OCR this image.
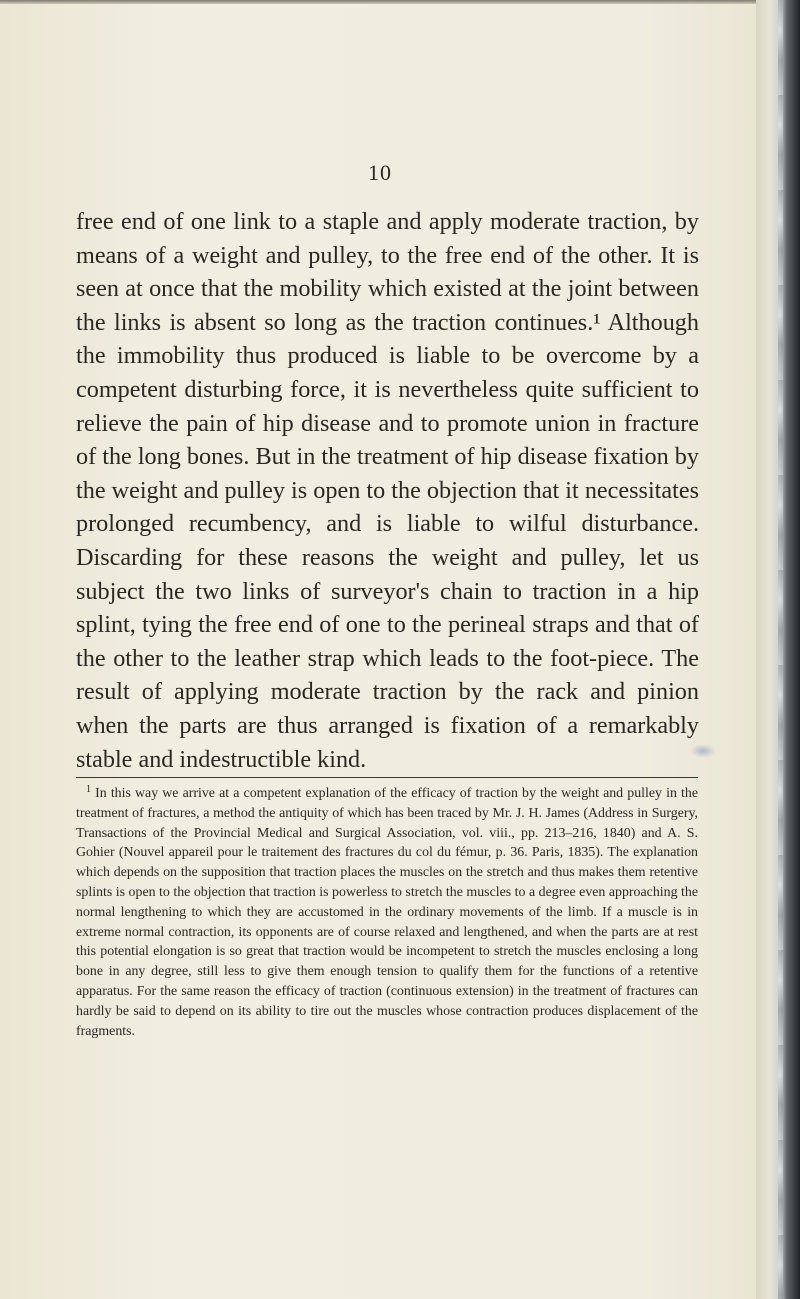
10

free end of one link to a staple and apply moderate traction, by means of a weight and pulley, to the free end of the other. It is seen at once that the mobility which existed at the joint between the links is absent so long as the traction continues.¹ Although the immobility thus produced is liable to be overcome by a competent disturbing force, it is nevertheless quite sufficient to relieve the pain of hip disease and to promote union in fracture of the long bones. But in the treatment of hip disease fixation by the weight and pulley is open to the objection that it necessitates prolonged recumbency, and is liable to wilful disturbance. Discarding for these reasons the weight and pulley, let us subject the two links of surveyor's chain to traction in a hip splint, tying the free end of one to the perineal straps and that of the other to the leather strap which leads to the foot-piece. The result of applying moderate traction by the rack and pinion when the parts are thus arranged is fixation of a remarkably stable and indestructible kind.

$^1$ In this way we arrive at a competent explanation of the efficacy of traction by the weight and pulley in the treatment of fractures, a method the antiquity of which has been traced by Mr. J. H. James (Address in Surgery, Transactions of the Provincial Medical and Surgical Association, vol. viii., pp. 213–216, 1840) and A. S. Gohier (Nouvel appareil pour le traitement des fractures du col du fémur, p. 36. Paris, 1835). The explanation which depends on the supposition that traction places the muscles on the stretch and thus makes them retentive splints is open to the objection that traction is powerless to stretch the muscles to a degree even approaching the normal lengthening to which they are accustomed in the ordinary movements of the limb. If a muscle is in extreme normal contraction, its opponents are of course relaxed and lengthened, and when the parts are at rest this potential elongation is so great that traction would be incompetent to stretch the muscles enclosing a long bone in any degree, still less to give them enough tension to qualify them for the functions of a retentive apparatus. For the same reason the efficacy of traction (continuous extension) in the treatment of fractures can hardly be said to depend on its ability to tire out the muscles whose contraction produces displacement of the fragments.
